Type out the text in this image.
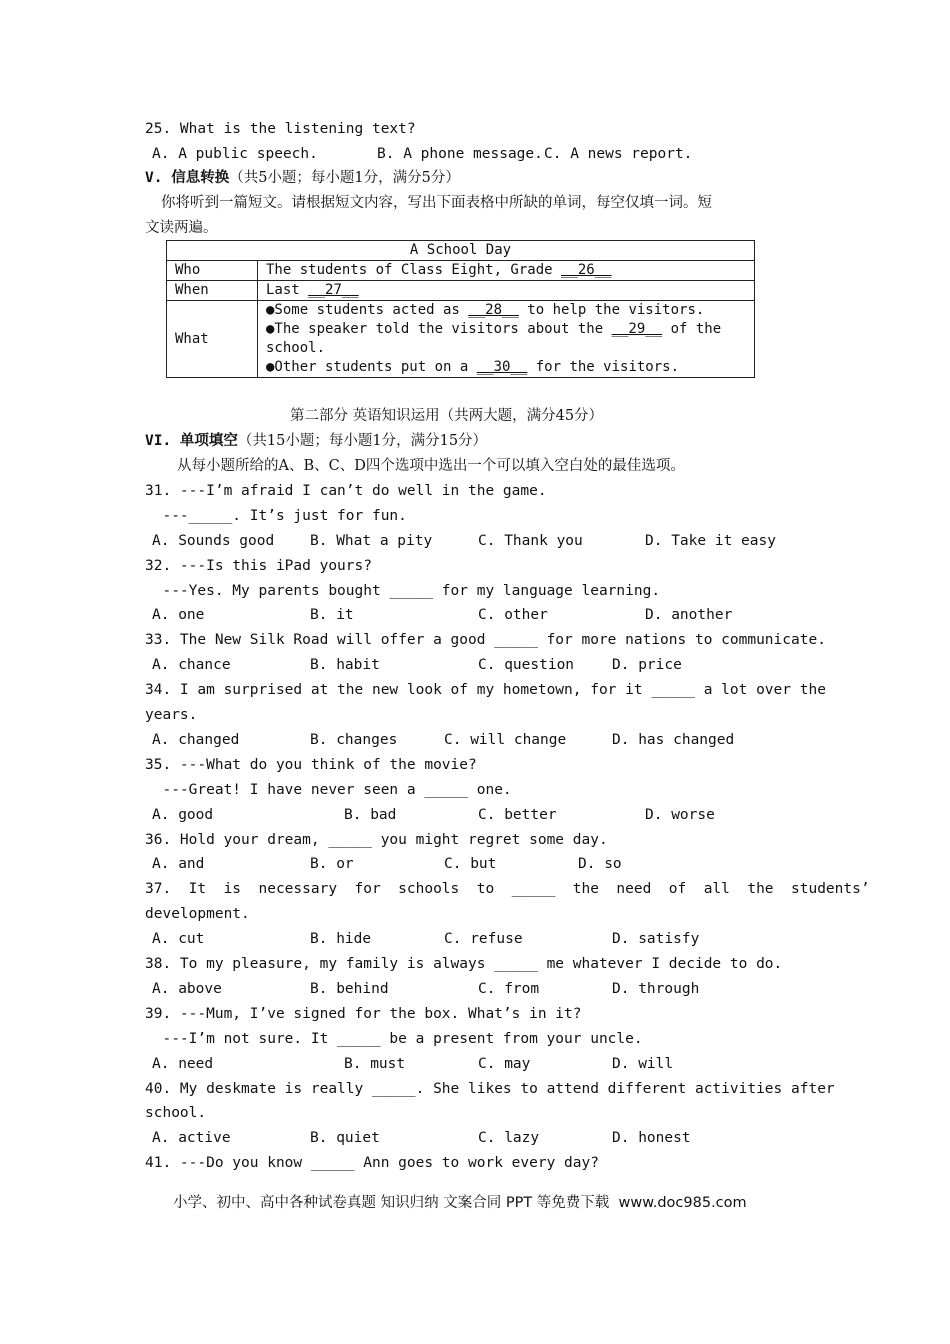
25. What is the listening text?
A. A public speech.	B. A phone message. C. A news report.
V. 信息转换（共5小题；每小题1分，满分5分）
你将听到一篇短文。请根据短文内容，写出下面表格中所缺的单词，每空仅填一词。短
文读两遍。
A School Day	
Who	The students of Class Eight, Grade __26__
When	Last __27__
What	●Some students acted as __28__ to help the visitors.
●The speaker told the visitors about the __29__ of the
school.
●Other students put on a __30__ for the visitors.
第二部分 英语知识运用（共两大题，满分45分）
VI. 单项填空（共15小题；每小题1分，满分15分）
从每小题所给的A、B、C、D四个选项中选出一个可以填入空白处的最佳选项。
31. ---I’m afraid I can’t do well in the game.
---_____. It’s just for fun.
A. Sounds good B. What a pity	C. Thank you	D. Take it easy
32. ---Is this iPad yours?
---Yes. My parents bought _____ for my language learning.
A. one	B. it	C. other	D. another
33. The New Silk Road will offer a good _____ for more nations to communicate.
A. chance	B. habit	C. question	D. price
34. I am surprised at the new look of my hometown, for it _____ a lot over the
years.
A. changed	B. changes	C. will change	D. has changed
35. ---What do you think of the movie?
---Great! I have never seen a _____ one.
A. good	B. bad	C. better	D. worse
36. Hold your dream, _____ you might regret some day.
A. and	B. or	C. but	D. so
37.  It  is  necessary  for  schools  to  _____  the  need  of  all  the  students’
development.
A. cut	B. hide	C. refuse	D. satisfy
38. To my pleasure, my family is always _____ me whatever I decide to do.
A. above	B. behind	C. from	D. through
39. ---Mum, I’ve signed for the box. What’s in it?
---I’m not sure. It _____ be a present from your uncle.
A. need	B. must	C. may	D. will
40. My deskmate is really _____. She likes to attend different activities after
school.
A. active	B. quiet	C. lazy	D. honest
41. ---Do you know _____ Ann goes to work every day?
小学、初中、高中各种试卷真题 知识归纳 文案合同 PPT 等免费下载  www.doc985.com
